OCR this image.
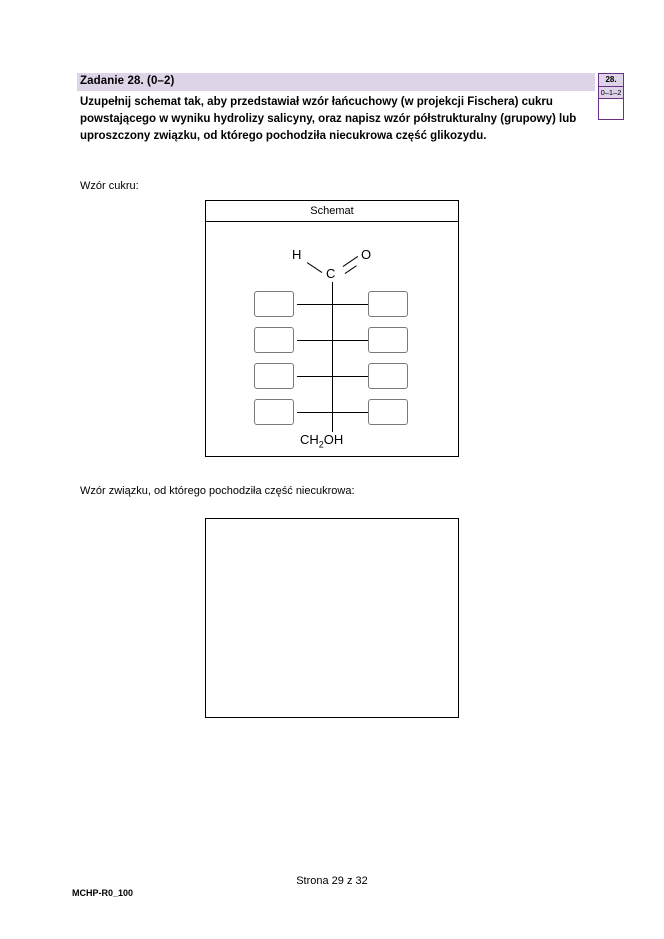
Zadanie 28. (0–2)
Uzupełnij schemat tak, aby przedstawiał wzór łańcuchowy (w projekcji Fischera) cukru powstającego w wyniku hydrolizy salicyny, oraz napisz wzór półstrukturalny (grupowy) lub uproszczony związku, od którego pochodziła niecukrowa część glikozydu.
28.
0–1–2
Wzór cukru:
Schemat
H	O
C
$CH_2OH$
Wzór związku, od którego pochodziła część niecukrowa:
Strona 29 z 32
MCHP-R0_100
